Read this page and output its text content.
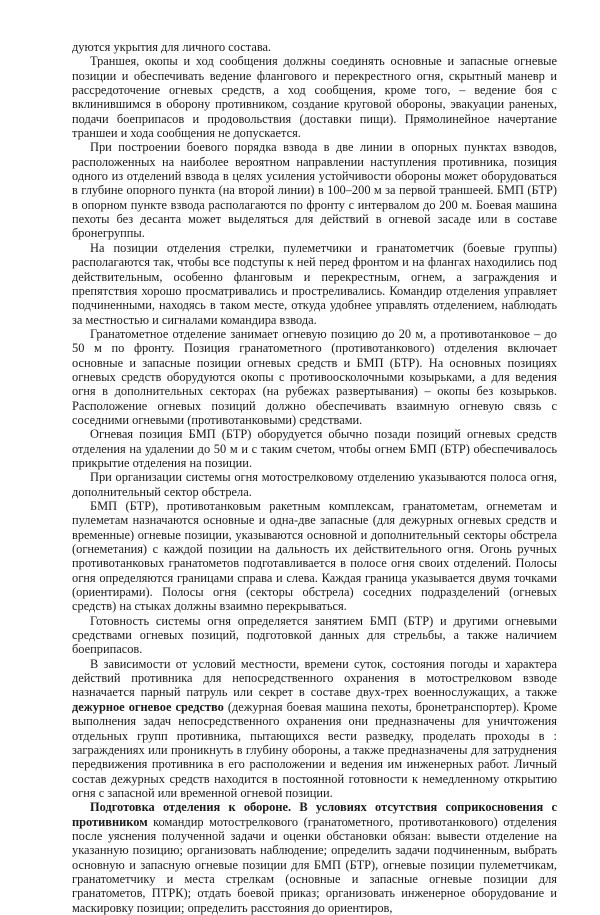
дуются укрытия для личного состава.

Траншея, окопы и ход сообщения должны соединять основные и запасные огневые позиции и обеспечивать ведение флангового и перекрестного огня, скрытный маневр и рассредоточение огневых средств, а ход сообщения, кроме того, – ведение боя с вклинившимся в оборону противником, создание круговой обороны, эвакуации раненых, подачи боеприпасов и продовольствия (доставки пищи). Прямолинейное начертание траншеи и хода сообщения не допускается.

При построении боевого порядка взвода в две линии в опорных пунктах взводов, расположенных на наиболее вероятном направлении наступления противника, позиция одного из отделений взвода в целях усиления устойчивости обороны может оборудоваться в глубине опорного пункта (на второй линии) в 100–200 м за первой траншеей. БМП (БТР) в опорном пункте взвода располагаются по фронту с интервалом до 200 м. Боевая машина пехоты без десанта может выделяться для действий в огневой засаде или в составе бронегруппы.

На позиции отделения стрелки, пулеметчики и гранатометчик (боевые группы) располагаются так, чтобы все подступы к ней перед фронтом и на флангах находились под действительным, особенно фланговым и перекрестным, огнем, а заграждения и препятствия хорошо просматривались и простреливались. Командир отделения управляет подчиненными, находясь в таком месте, откуда удобнее управлять отделением, наблюдать за местностью и сигналами командира взвода.

Гранатометное отделение занимает огневую позицию до 20 м, а противотанковое – до 50 м по фронту. Позиция гранатометного (противотанкового) отделения включает основные и запасные позиции огневых средств и БМП (БТР). На основных позициях огневых средств оборудуются окопы с противоосколочными козырьками, а для ведения огня в дополнительных секторах (на рубежах развертывания) – окопы без козырьков. Расположение огневых позиций должно обеспечивать взаимную огневую связь с соседними огневыми (противотанковыми) средствами.

Огневая позиция БМП (БТР) оборудуется обычно позади позиций огневых средств отделения на удалении до 50 м и с таким счетом, чтобы огнем БМП (БТР) обеспечивалось прикрытие отделения на позиции.

При организации системы огня мотострелковому отделению указываются полоса огня, дополнительный сектор обстрела.

БМП (БТР), противотанковым ракетным комплексам, гранатометам, огнеметам и пулеметам назначаются основные и одна-две запасные (для дежурных огневых средств и временные) огневые позиции, указываются основной и дополнительный секторы обстрела (огнеметания) с каждой позиции на дальность их действительного огня. Огонь ручных противотанковых гранатометов подготавливается в полосе огня своих отделений. Полосы огня определяются границами справа и слева. Каждая граница указывается двумя точками (ориентирами). Полосы огня (секторы обстрела) соседних подразделений (огневых средств) на стыках должны взаимно перекрываться.

Готовность системы огня определяется занятием БМП (БТР) и другими огневыми средствами огневых позиций, подготовкой данных для стрельбы, а также наличием боеприпасов.

В зависимости от условий местности, времени суток, состояния погоды и характера действий противника для непосредственного охранения в мотострелковом взводе назначается парный патруль или секрет в составе двух-трех военнослужащих, а также дежурное огневое средство (дежурная боевая машина пехоты, бронетранспортер). Кроме выполнения задач непосредственного охранения они предназначены для уничтожения отдельных групп противника, пытающихся вести разведку, проделать проходы в : заграждениях или проникнуть в глубину обороны, а также предназначены для затруднения передвижения противника в его расположении и ведения им инженерных работ. Личный состав дежурных средств находится в постоянной готовности к немедленному открытию огня с запасной или временной огневой позиции.

Подготовка отделения к обороне. В условиях отсутствия соприкосновения с противником командир мотострелкового (гранатометного, противотанкового) отделения после уяснения полученной задачи и оценки обстановки обязан: вывести отделение на указанную позицию; организовать наблюдение; определить задачи подчиненным, выбрать основную и запасную огневые позиции для БМП (БТР), огневые позиции пулеметчикам, гранатометчику и места стрелкам (основные и запасные огневые позиции для гранатометов, ПТРК); отдать боевой приказ; организовать инженерное оборудование и маскировку позиции; определить расстояния до ориентиров,
